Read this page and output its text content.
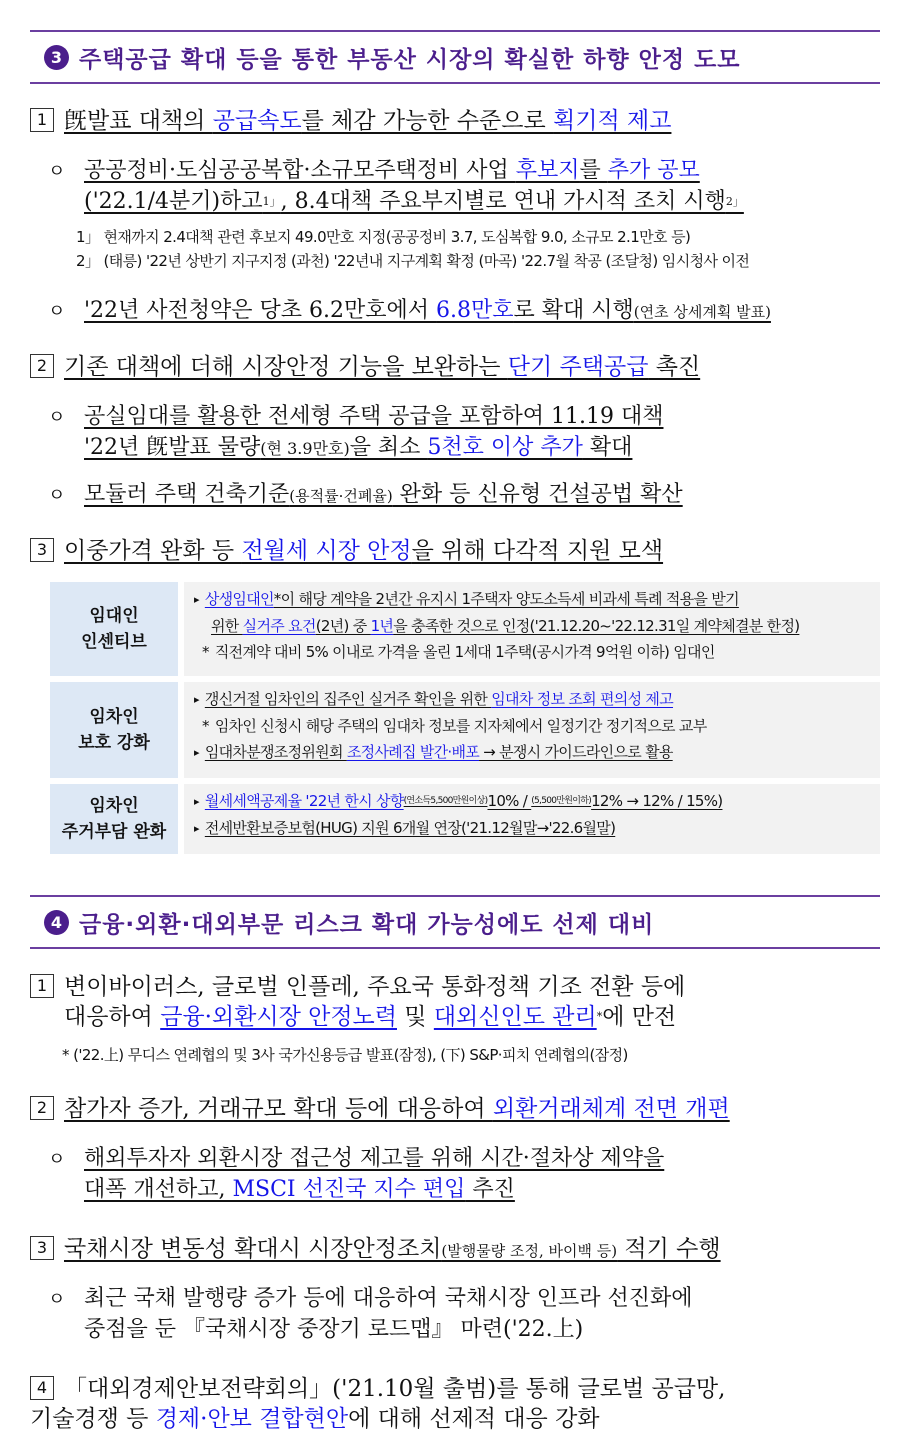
3 주택공급 확대 등을 통한 부동산 시장의 확실한 하향 안정 도모
1 旣발표 대책의 공급속도를 체감 가능한 수준으로 획기적 제고
ㅇ 공공정비·도심공공복합·소규모주택정비 사업 후보지를 추가 공모
('22.1/4분기)하고$^{1」}$, 8.4대책 주요부지별로 연내 가시적 조치 시행$^{2」}$
1」 현재까지 2.4대책 관련 후보지 49.0만호 지정(공공정비 3.7, 도심복합 9.0, 소규모 2.1만호 등)
2」 (태릉) '22년 상반기 지구지정 (과천) '22년내 지구계획 확정 (마곡) '22.7월 착공 (조달청) 임시청사 이전
ㅇ '22년 사전청약은 당초 6.2만호에서 6.8만호로 확대 시행(연초 상세계획 발표)
2 기존 대책에 더해 시장안정 기능을 보완하는 단기 주택공급 촉진
ㅇ 공실임대를 활용한 전세형 주택 공급을 포함하여 11.19 대책
'22년 旣발표 물량(현 3.9만호)을 최소 5천호 이상 추가 확대
ㅇ 모듈러 주택 건축기준(용적률·건폐율) 완화 등 신유형 건설공법 확산
3 이중가격 완화 등 전월세 시장 안정을 위해 다각적 지원 모색
임대인
인센티브
▸ 상생임대인*이 해당 계약을 2년간 유지시 1주택자 양도소득세 비과세 특례 적용을 받기
위한 실거주 요건(2년) 중 1년을 충족한 것으로 인정('21.12.20~'22.12.31일 계약체결분 한정)
* 직전계약 대비 5% 이내로 가격을 올린 1세대 1주택(공시가격 9억원 이하) 임대인
임차인
보호 강화
▸ 갱신거절 임차인의 집주인 실거주 확인을 위한 임대차 정보 조회 편의성 제고
* 임차인 신청시 해당 주택의 임대차 정보를 지자체에서 일정기간 정기적으로 교부
▸ 임대차분쟁조정위원회 조정사례집 발간·배포 → 분쟁시 가이드라인으로 활용
임차인
주거부담 완화
▸ 월세세액공제율 '22년 한시 상향$^{(연소득5,500만원이상)}$10% / $^{(5,500만원이하)}$12% → 12% / 15%)
▸ 전세반환보증보험(HUG) 지원 6개월 연장('21.12월말→'22.6월말)
4 금융·외환·대외부문 리스크 확대 가능성에도 선제 대비
1 변이바이러스, 글로벌 인플레, 주요국 통화정책 기조 전환 등에
대응하여 금융·외환시장 안정노력 및 대외신인도 관리*에 만전
* ('22.上) 무디스 연례협의 및 3사 국가신용등급 발표(잠정), (下) S&P·피치 연례협의(잠정)
2 참가자 증가, 거래규모 확대 등에 대응하여 외환거래체계 전면 개편
ㅇ 해외투자자 외환시장 접근성 제고를 위해 시간·절차상 제약을
대폭 개선하고, MSCI 선진국 지수 편입 추진
3 국채시장 변동성 확대시 시장안정조치(발행물량 조정, 바이백 등) 적기 수행
ㅇ 최근 국채 발행량 증가 등에 대응하여 국채시장 인프라 선진화에
중점을 둔 『국채시장 중장기 로드맵』 마련('22.上)
4 「대외경제안보전략회의」('21.10월 출범)를 통해 글로벌 공급망,
기술경쟁 등 경제·안보 결합현안에 대해 선제적 대응 강화
